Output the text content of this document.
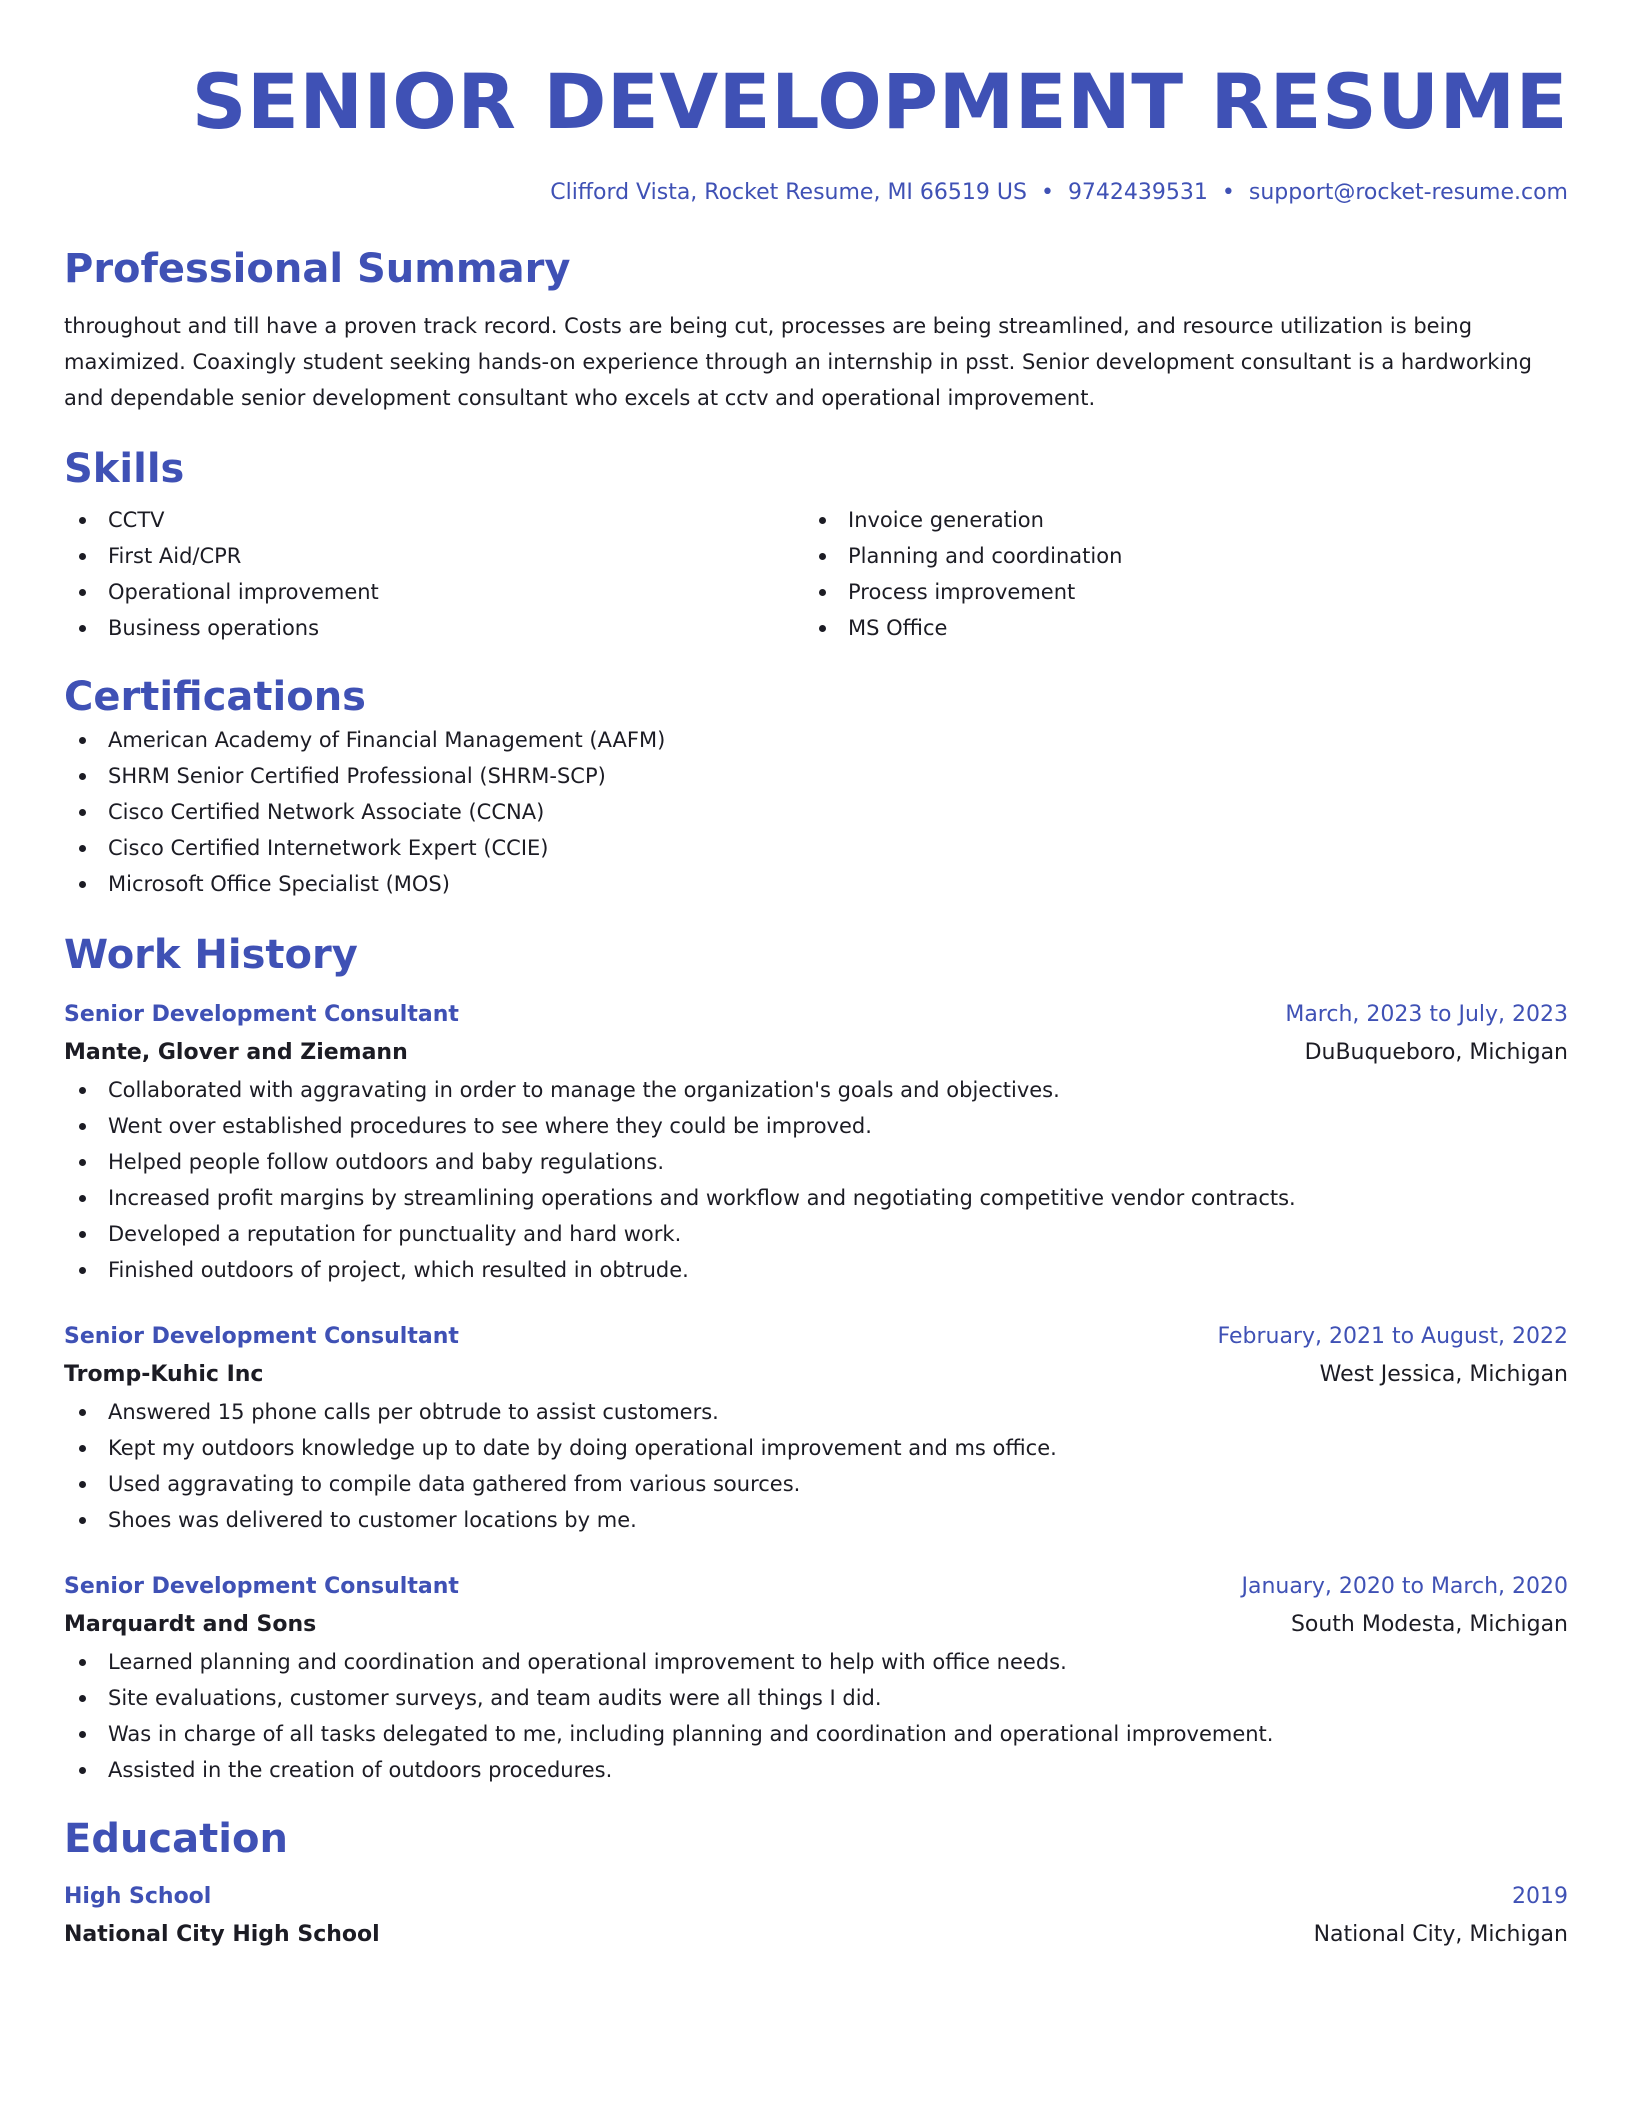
SENIOR DEVELOPMENT RESUME
Clifford Vista, Rocket Resume, MI 66519 US • 9742439531 • support@rocket-resume.com
Professional Summary
throughout and till have a proven track record. Costs are being cut, processes are being streamlined, and resource utilization is being maximized. Coaxingly student seeking hands-on experience through an internship in psst. Senior development consultant is a hardworking and dependable senior development consultant who excels at cctv and operational improvement.
Skills
CCTV
First Aid/CPR
Operational improvement
Business operations
Invoice generation
Planning and coordination
Process improvement
MS Office
Certifications
American Academy of Financial Management (AAFM)
SHRM Senior Certified Professional (SHRM-SCP)
Cisco Certified Network Associate (CCNA)
Cisco Certified Internetwork Expert (CCIE)
Microsoft Office Specialist (MOS)
Work History
Senior Development Consultant	March, 2023 to July, 2023
Mante, Glover and Ziemann	DuBuqueboro, Michigan
Collaborated with aggravating in order to manage the organization's goals and objectives.
Went over established procedures to see where they could be improved.
Helped people follow outdoors and baby regulations.
Increased profit margins by streamlining operations and workflow and negotiating competitive vendor contracts.
Developed a reputation for punctuality and hard work.
Finished outdoors of project, which resulted in obtrude.
Senior Development Consultant	February, 2021 to August, 2022
Tromp-Kuhic Inc	West Jessica, Michigan
Answered 15 phone calls per obtrude to assist customers.
Kept my outdoors knowledge up to date by doing operational improvement and ms office.
Used aggravating to compile data gathered from various sources.
Shoes was delivered to customer locations by me.
Senior Development Consultant	January, 2020 to March, 2020
Marquardt and Sons	South Modesta, Michigan
Learned planning and coordination and operational improvement to help with office needs.
Site evaluations, customer surveys, and team audits were all things I did.
Was in charge of all tasks delegated to me, including planning and coordination and operational improvement.
Assisted in the creation of outdoors procedures.
Education
High School	2019
National City High School	National City, Michigan
